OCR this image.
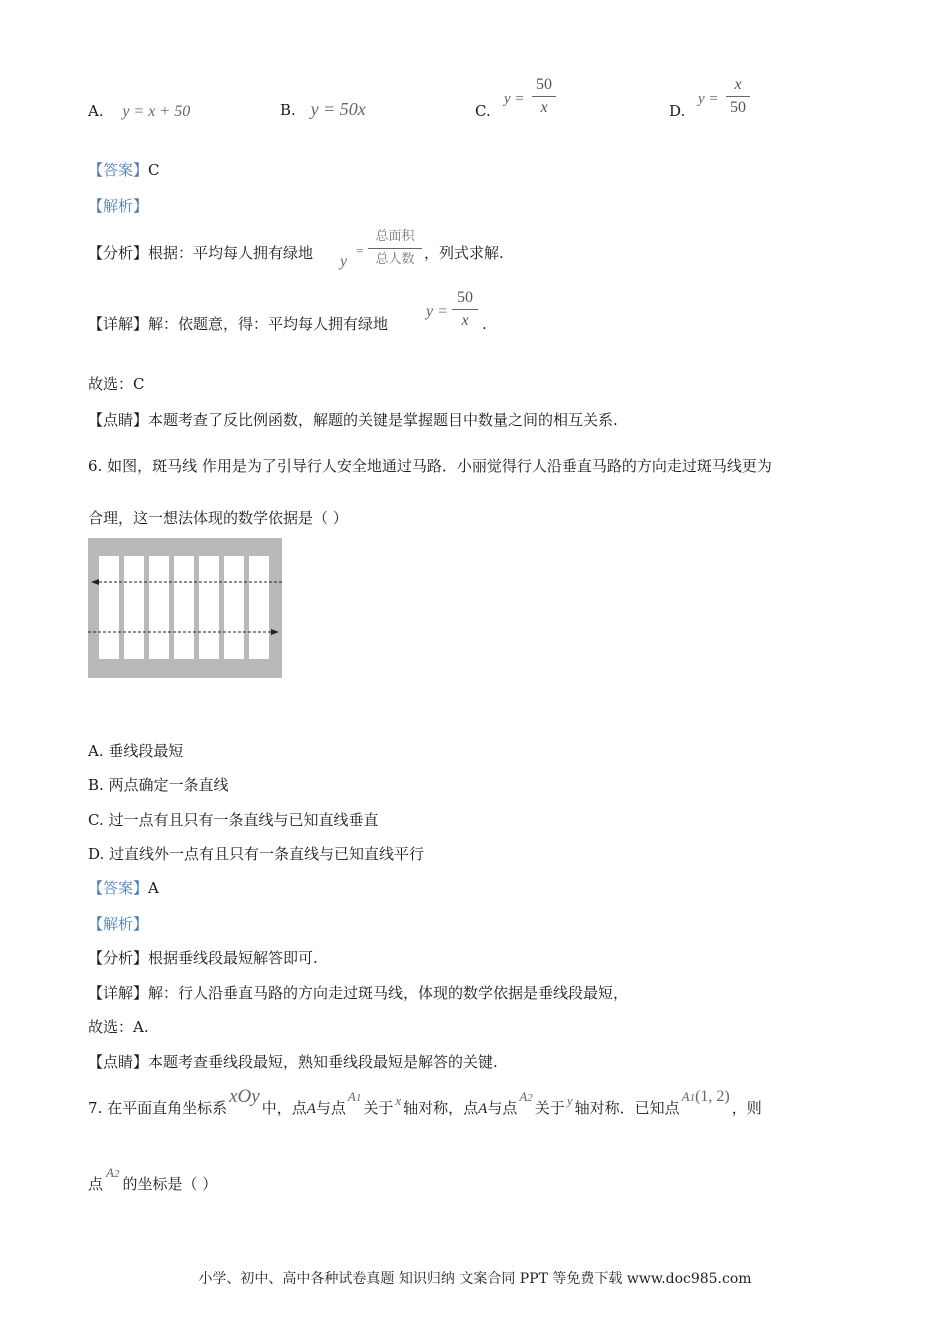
A. y = x + 50	B. y = 50x	C.
y =
50
x	D.
y =
x
50
【答案】C
【解析】
【分析】根据：平均每人拥有绿地 y
=
总面积
总人数 ，列式求解.
【详解】解：依题意，得：平均每人拥有绿地
y =
50
x .
故选：C
【点睛】本题考查了反比例函数，解题的关键是掌握题目中数量之间的相互关系.
6. 如图，斑马线 作用是为了引导行人安全地通过马路．小丽觉得行人沿垂直马路的方向走过斑马线更为
合理，这一想法体现的数学依据是（ ）
A. 垂线段最短
B. 两点确定一条直线
C. 过一点有且只有一条直线与已知直线垂直
D. 过直线外一点有且只有一条直线与已知直线平行
【答案】A
【解析】
【分析】根据垂线段最短解答即可.
【详解】解：行人沿垂直马路的方向走过斑马线，体现的数学依据是垂线段最短，
故选：A.
【点睛】本题考查垂线段最短，熟知垂线段最短是解答的关键.
7. 在平面直角坐标系xOy中，点A与点A1关于 x 轴对称，点A与点A2关于 y 轴对称．已知点A1(1, 2)，则
点A2的坐标是（ ）
小学、初中、高中各种试卷真题 知识归纳 文案合同 PPT 等免费下载 www.doc985.com
